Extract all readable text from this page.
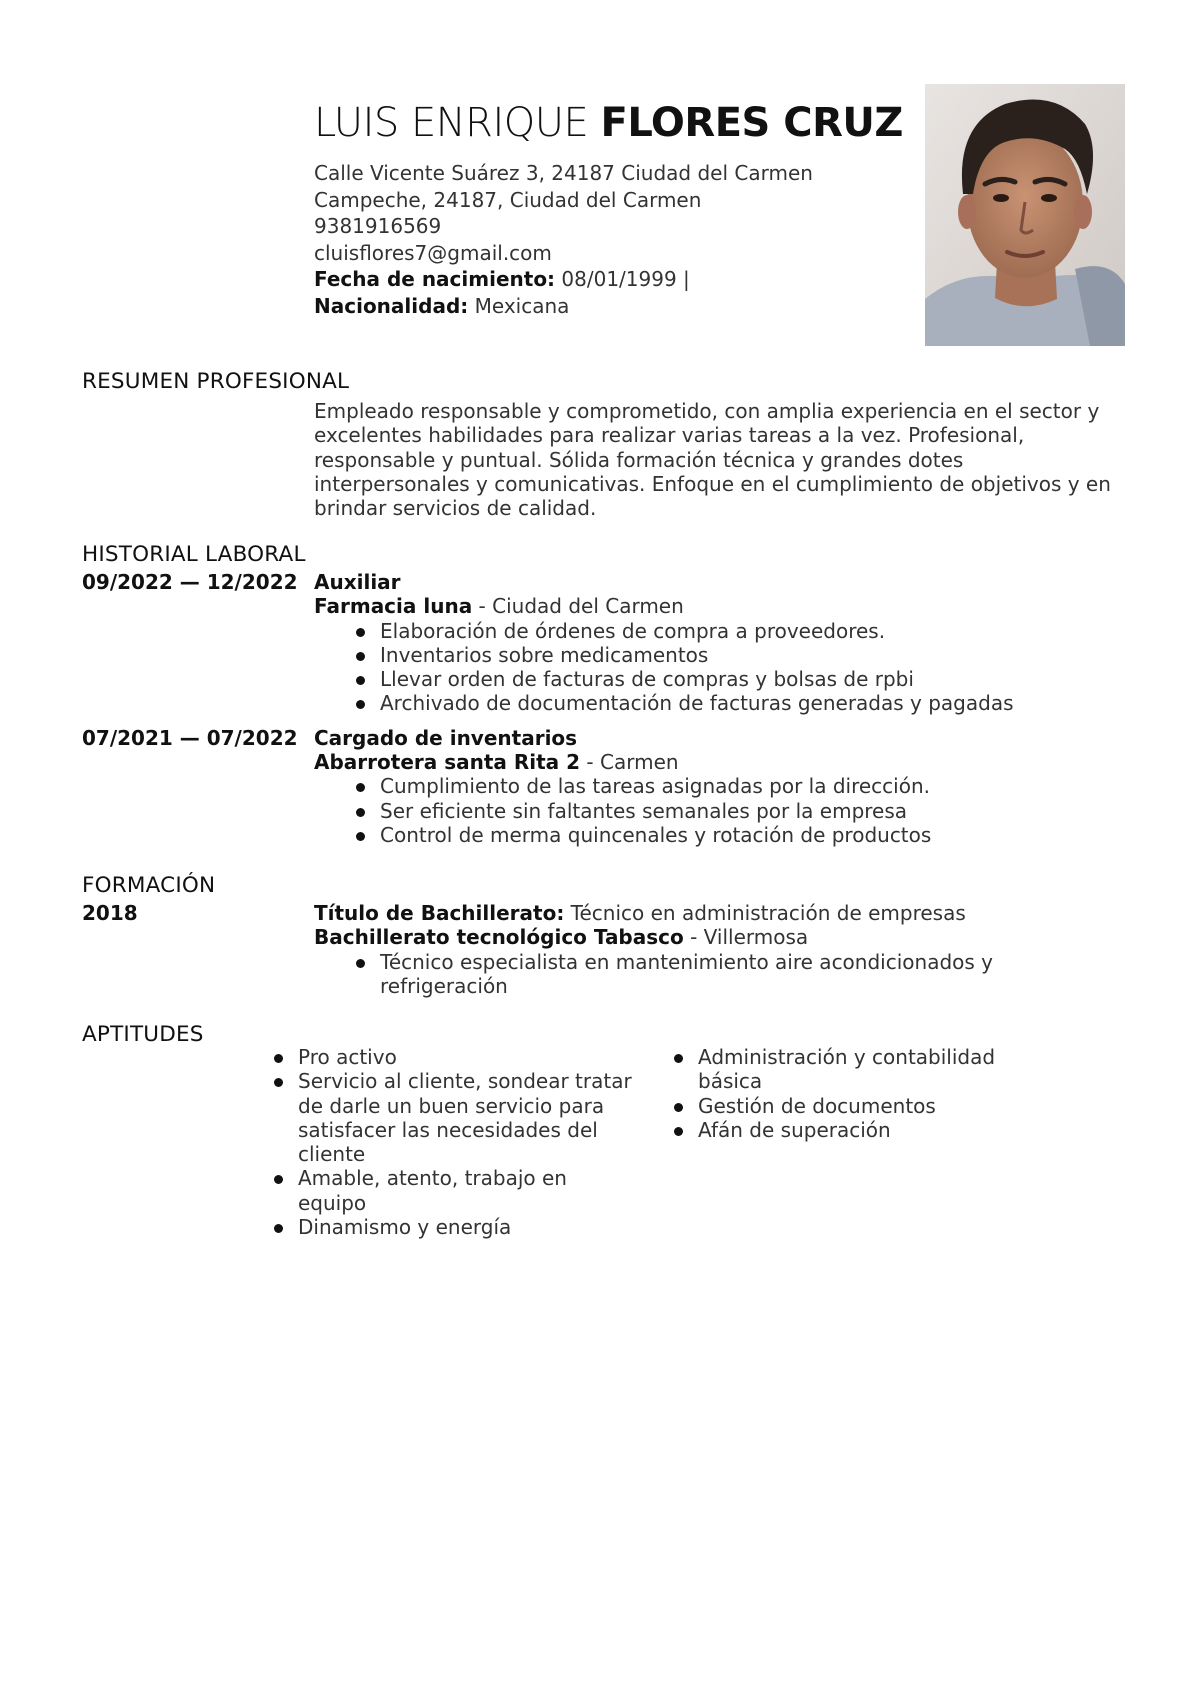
LUIS ENRIQUE FLORES CRUZ
Calle Vicente Suárez 3, 24187 Ciudad del Carmen
Campeche, 24187, Ciudad del Carmen
9381916569
cluisflores7@gmail.com
Fecha de nacimiento: 08/01/1999 |
Nacionalidad: Mexicana
RESUMEN PROFESIONAL
Empleado responsable y comprometido, con amplia experiencia en el sector y excelentes habilidades para realizar varias tareas a la vez. Profesional, responsable y puntual. Sólida formación técnica y grandes dotes interpersonales y comunicativas. Enfoque en el cumplimiento de objetivos y en brindar servicios de calidad.
HISTORIAL LABORAL
09/2022 — 12/2022 Auxiliar
Farmacia luna - Ciudad del Carmen
Elaboración de órdenes de compra a proveedores.
Inventarios sobre medicamentos
Llevar orden de facturas de compras y bolsas de rpbi
Archivado de documentación de facturas generadas y pagadas
07/2021 — 07/2022 Cargado de inventarios
Abarrotera santa Rita 2 - Carmen
Cumplimiento de las tareas asignadas por la dirección.
Ser eficiente sin faltantes semanales por la empresa
Control de merma quincenales y rotación de productos
FORMACIÓN
2018	Título de Bachillerato: Técnico en administración de empresas
Bachillerato tecnológico Tabasco - Villermosa
Técnico especialista en mantenimiento aire acondicionados y refrigeración
APTITUDES
Pro activo
Servicio al cliente, sondear tratar de darle un buen servicio para satisfacer las necesidades del cliente
Amable, atento, trabajo en equipo
Dinamismo y energía
Administración y contabilidad básica
Gestión de documentos
Afán de superación
